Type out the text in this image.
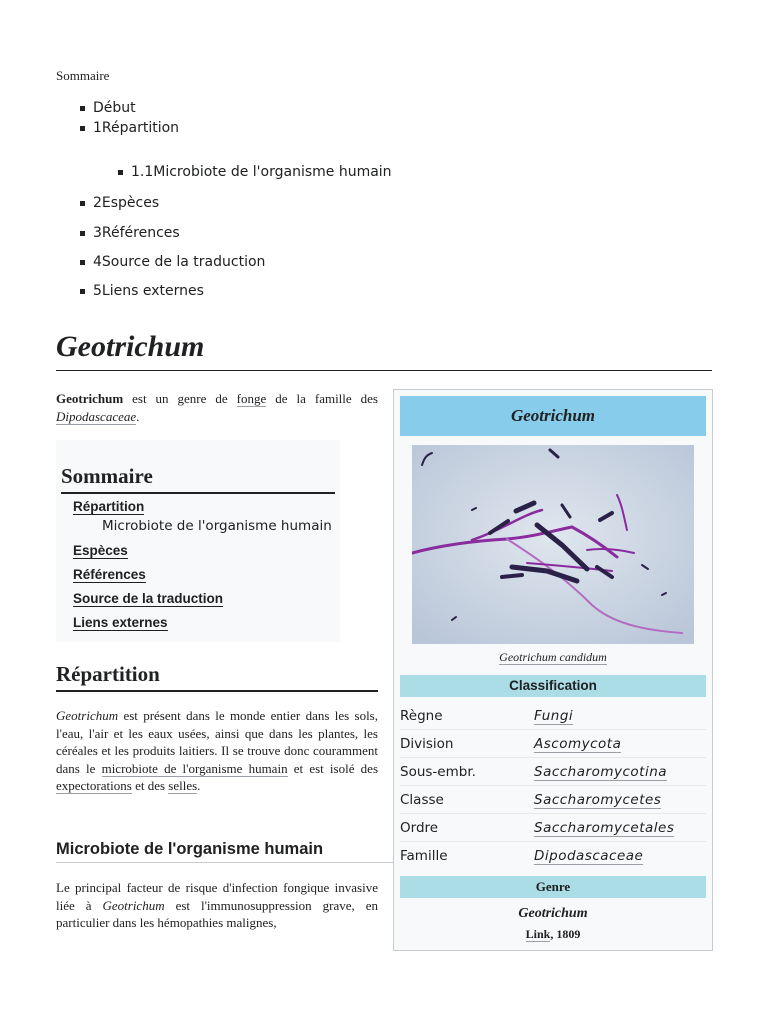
Sommaire
Début
1Répartition
1.1Microbiote de l'organisme humain
2Espèces
3Références
4Source de la traduction
5Liens externes
Geotrichum
Geotrichum est un genre de fonge de la famille des Dipodascaceae.
Sommaire
Répartition
Microbiote de l'organisme humain
Espèces
Références
Source de la traduction
Liens externes
Répartition
Geotrichum est présent dans le monde entier dans les sols, l'eau, l'air et les eaux usées, ainsi que dans les plantes, les céréales et les produits laitiers. Il se trouve donc couramment dans le microbiote de l'organisme humain et est isolé des expectorations et des selles.
Microbiote de l'organisme humain
Le principal facteur de risque d'infection fongique invasive liée à Geotrichum est l'immunosuppression grave, en particulier dans les hémopathies malignes,
Geotrichum
Geotrichum candidum
Classification
Règne	Fungi
Division	Ascomycota
Sous-embr.	Saccharomycotina
Classe	Saccharomycetes
Ordre	Saccharomycetales
Famille	Dipodascaceae
Genre
Geotrichum
Link, 1809
